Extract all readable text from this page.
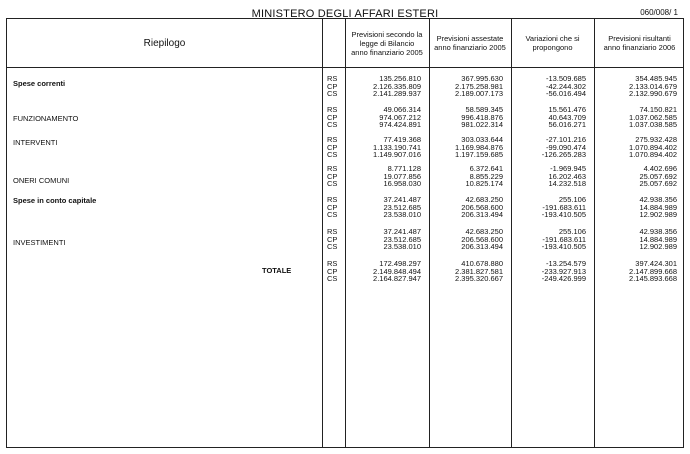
MINISTERO DEGLI AFFARI ESTERI	060/008/ 1
Riepilogo
Previsioni secondo la
legge di Bilancio
anno finanziario 2005
Previsioni assestate
anno finanziario 2005
Variazioni che si
propongono
Previsioni risultanti
anno finanziario 2006
Spese correnti
RS	135.256.810	367.995.630	-13.509.685	354.485.945
CP	2.126.335.809	2.175.258.981	-42.244.302	2.133.014.679
CS	2.141.289.937	2.189.007.173	-56.016.494	2.132.990.679
FUNZIONAMENTO
RS	49.066.314	58.589.345	15.561.476	74.150.821
CP	974.067.212	996.418.876	40.643.709	1.037.062.585
CS	974.424.891	981.022.314	56.016.271	1.037.038.585
INTERVENTI	RS	77.419.368	303.033.644	-27.101.216	275.932.428
CP	1.133.190.741	1.169.984.876	-99.090.474	1.070.894.402
CS	1.149.907.016	1.197.159.685	-126.265.283	1.070.894.402
ONERI COMUNI
RS	8.771.128	6.372.641	-1.969.945	4.402.696
CP	19.077.856	8.855.229	16.202.463	25.057.692
CS	16.958.030	10.825.174	14.232.518	25.057.692
Spese in conto capitale	RS	37.241.487	42.683.250	255.106	42.938.356
CP	23.512.685	206.568.600	-191.683.611	14.884.989
CS	23.538.010	206.313.494	-193.410.505	12.902.989
INVESTIMENTI
RS	37.241.487	42.683.250	255.106	42.938.356
CP	23.512.685	206.568.600	-191.683.611	14.884.989
CS	23.538.010	206.313.494	-193.410.505	12.902.989
TOTALE
RS	172.498.297	410.678.880	-13.254.579	397.424.301
CP	2.149.848.494	2.381.827.581	-233.927.913	2.147.899.668
CS	2.164.827.947	2.395.320.667	-249.426.999	2.145.893.668
